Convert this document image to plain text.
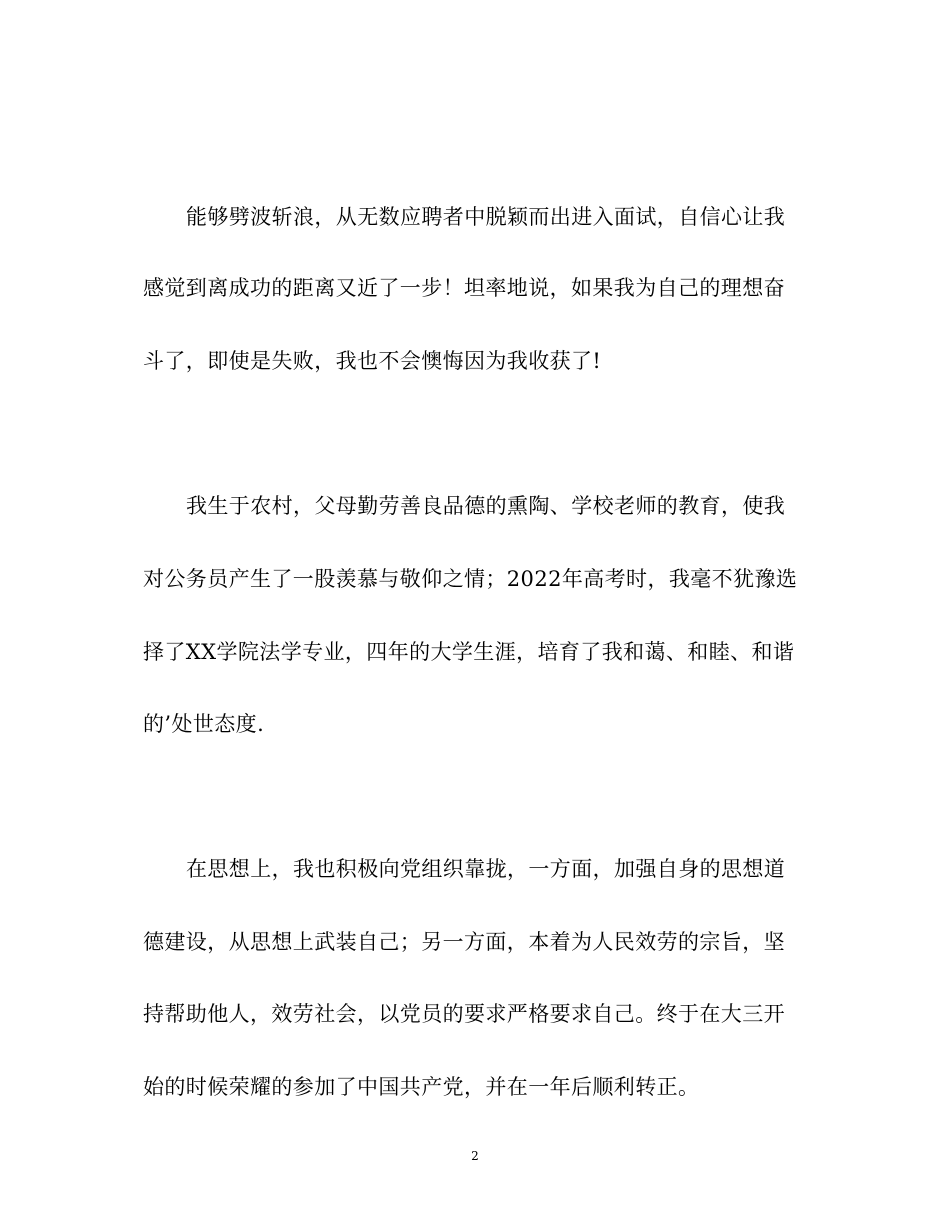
能够劈波斩浪，从无数应聘者中脱颖而出进入面试，自信心让我
感觉到离成功的距离又近了一步！坦率地说，如果我为自己的理想奋
斗了，即使是失败，我也不会懊悔因为我收获了!
我生于农村，父母勤劳善良品德的熏陶、学校老师的教育，使我
对公务员产生了一股羡慕与敬仰之情；2022年高考时，我毫不犹豫选
择了XX学院法学专业，四年的大学生涯，培育了我和蔼、和睦、和谐
的’处世态度.
在思想上，我也积极向党组织靠拢，一方面，加强自身的思想道
德建设，从思想上武装自己；另一方面，本着为人民效劳的宗旨，坚
持帮助他人，效劳社会，以党员的要求严格要求自己。终于在大三开
始的时候荣耀的参加了中国共产党，并在一年后顺利转正。
2
